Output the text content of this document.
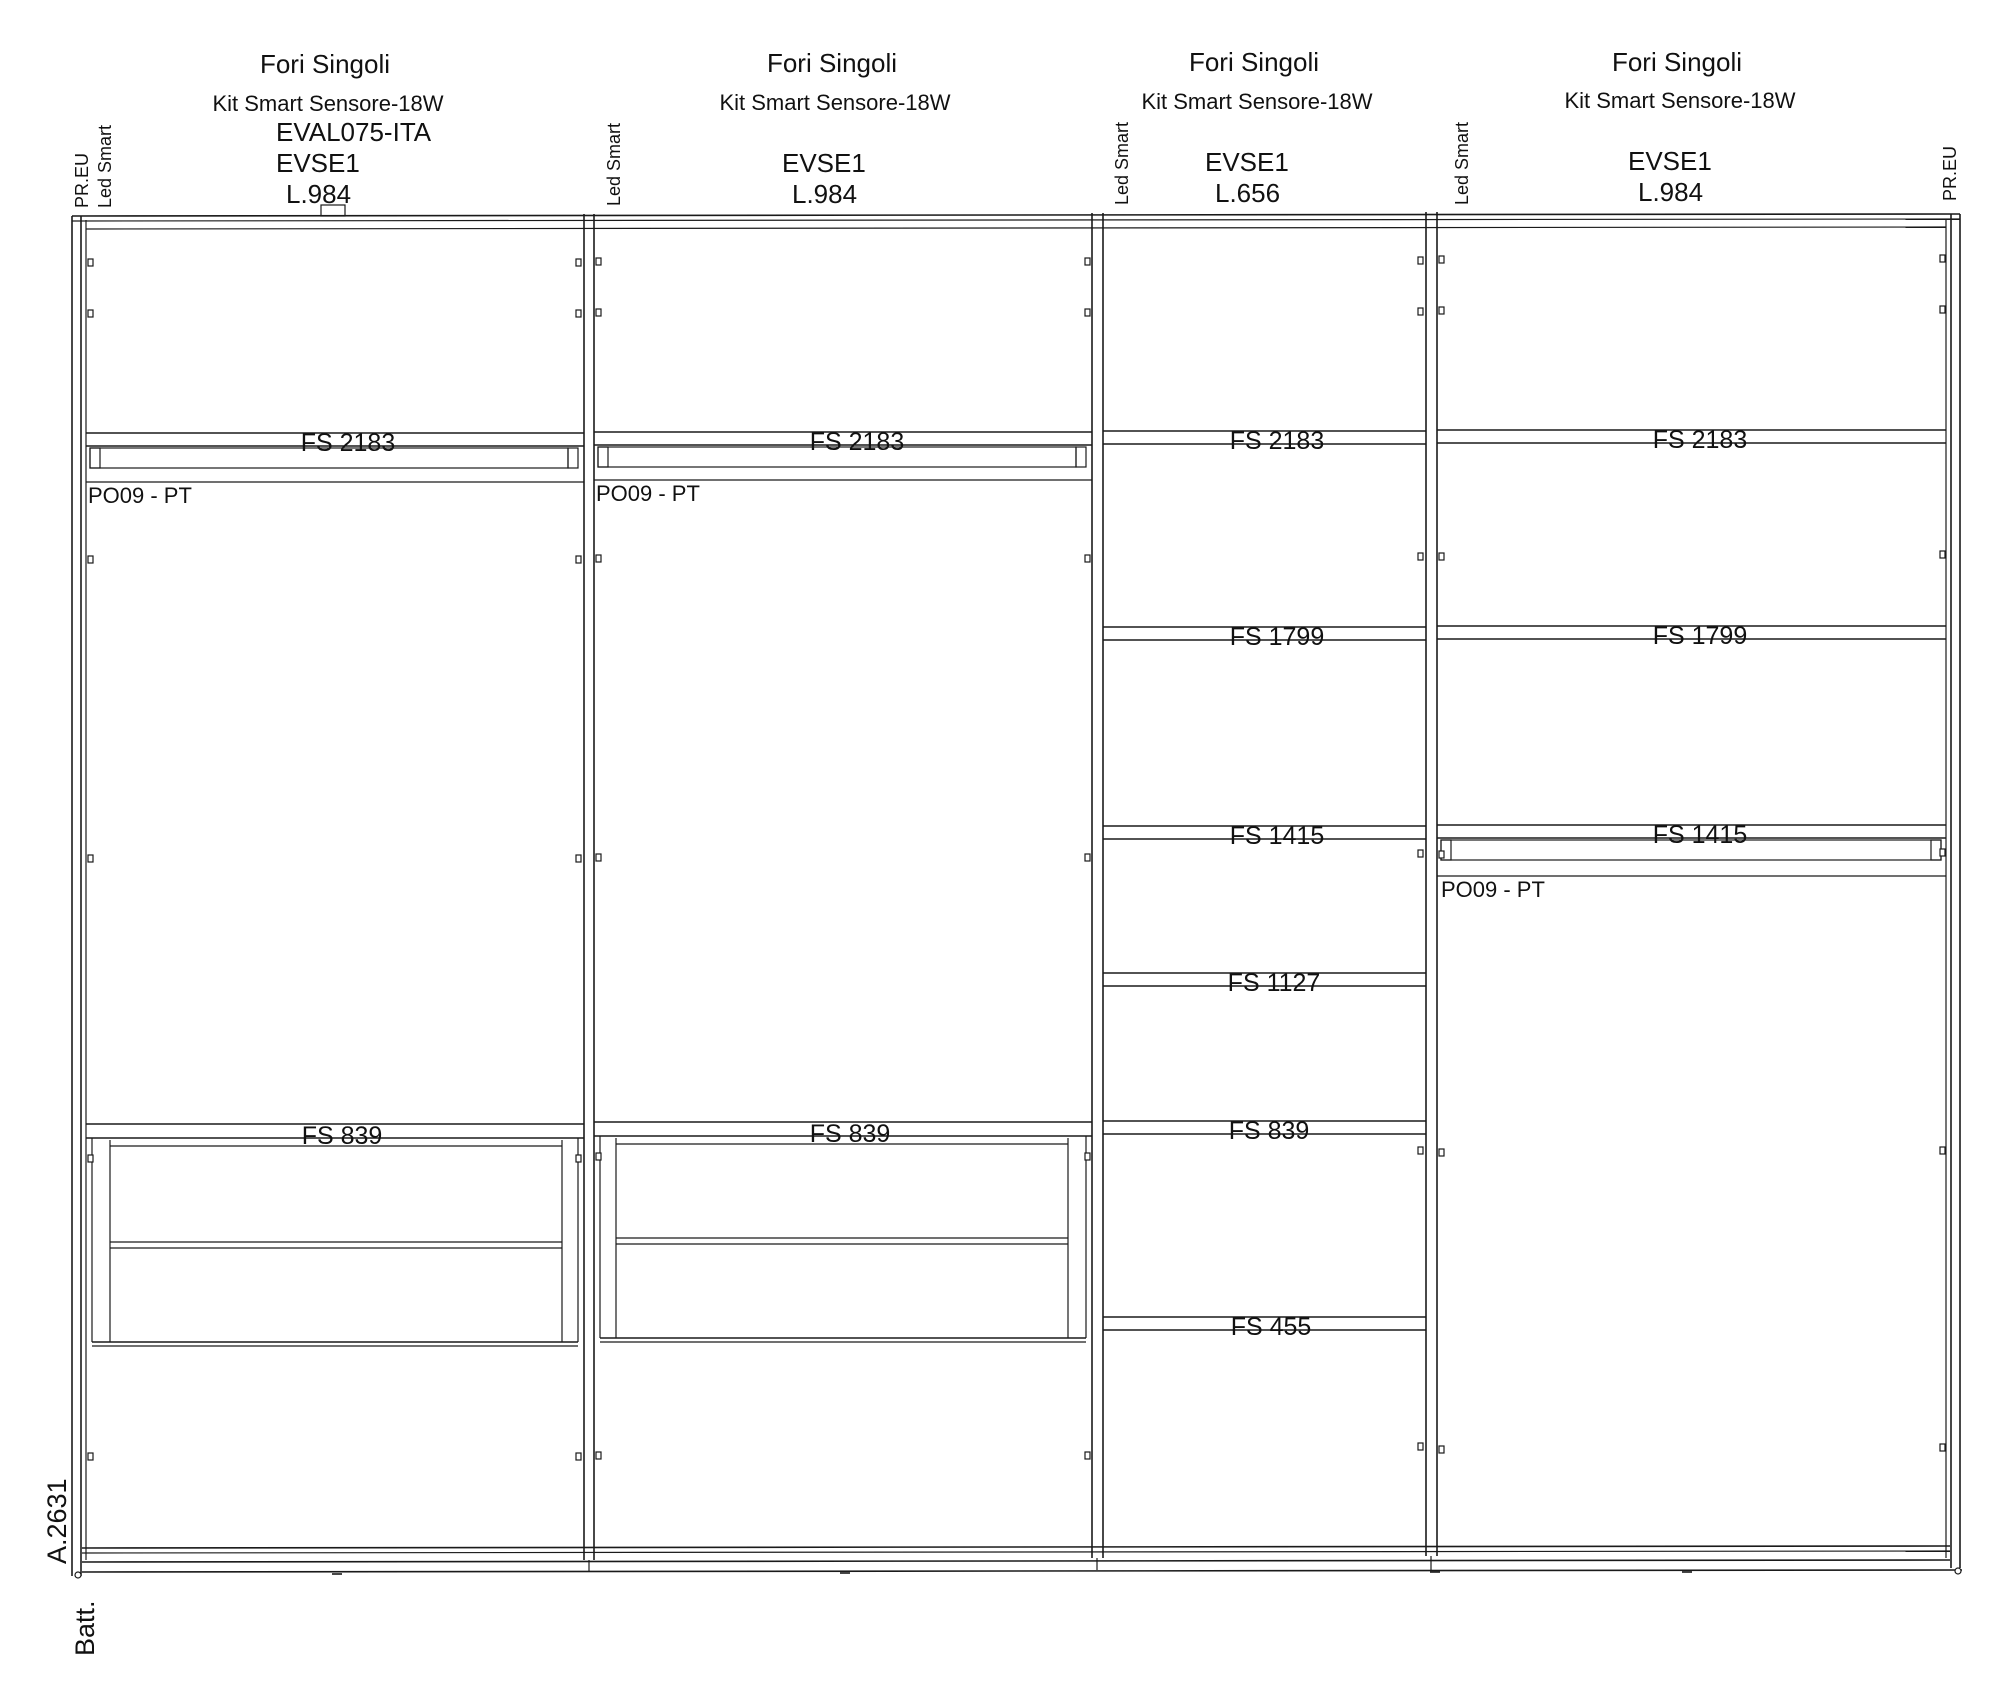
Fori Singoli
Kit Smart Sensore-18W
EVAL075-ITA
EVSE1
L.984
Fori Singoli
Kit Smart Sensore-18W
EVSE1
L.984
Fori Singoli
Kit Smart Sensore-18W
EVSE1
L.656
Fori Singoli
Kit Smart Sensore-18W
EVSE1
L.984
PR.EU Led Smart	Led Smart	Led Smart	Led Smart	PR.EU
A.2631
Batt.
FS 2183
PO09 - PT
FS 839
FS 2183
PO09 - PT
FS 839
FS 2183
FS 1799
FS 1415
FS 1127
FS 839
FS 455
FS 2183
FS 1799
FS 1415
PO09 - PT
